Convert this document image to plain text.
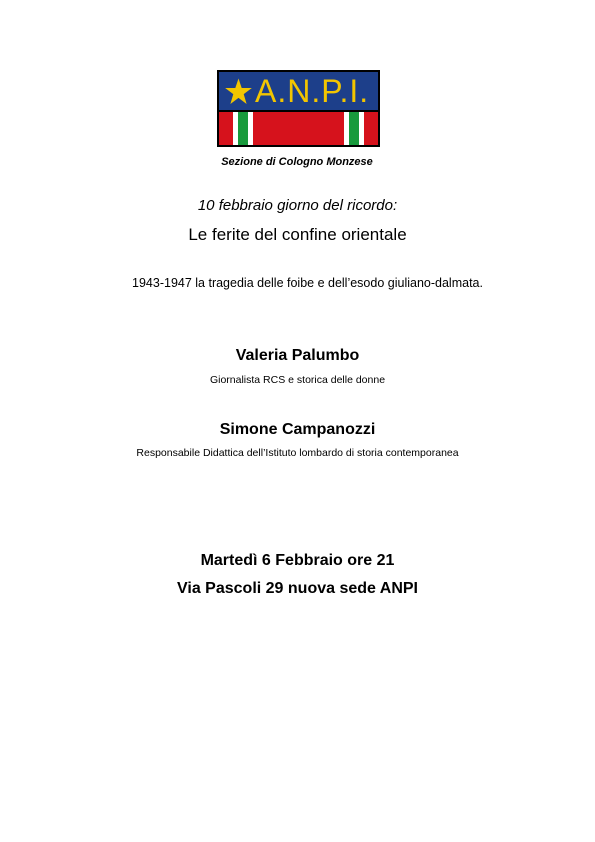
A.N.P.I.
Sezione di Cologno Monzese
10 febbraio giorno del ricordo:
Le ferite del confine orientale
1943-1947 la tragedia delle foibe e dell’esodo giuliano-dalmata.
Valeria Palumbo
Giornalista RCS e storica delle donne
Simone Campanozzi
Responsabile Didattica dell’Istituto lombardo di storia contemporanea
Martedì 6 Febbraio ore 21
Via Pascoli 29 nuova sede ANPI
